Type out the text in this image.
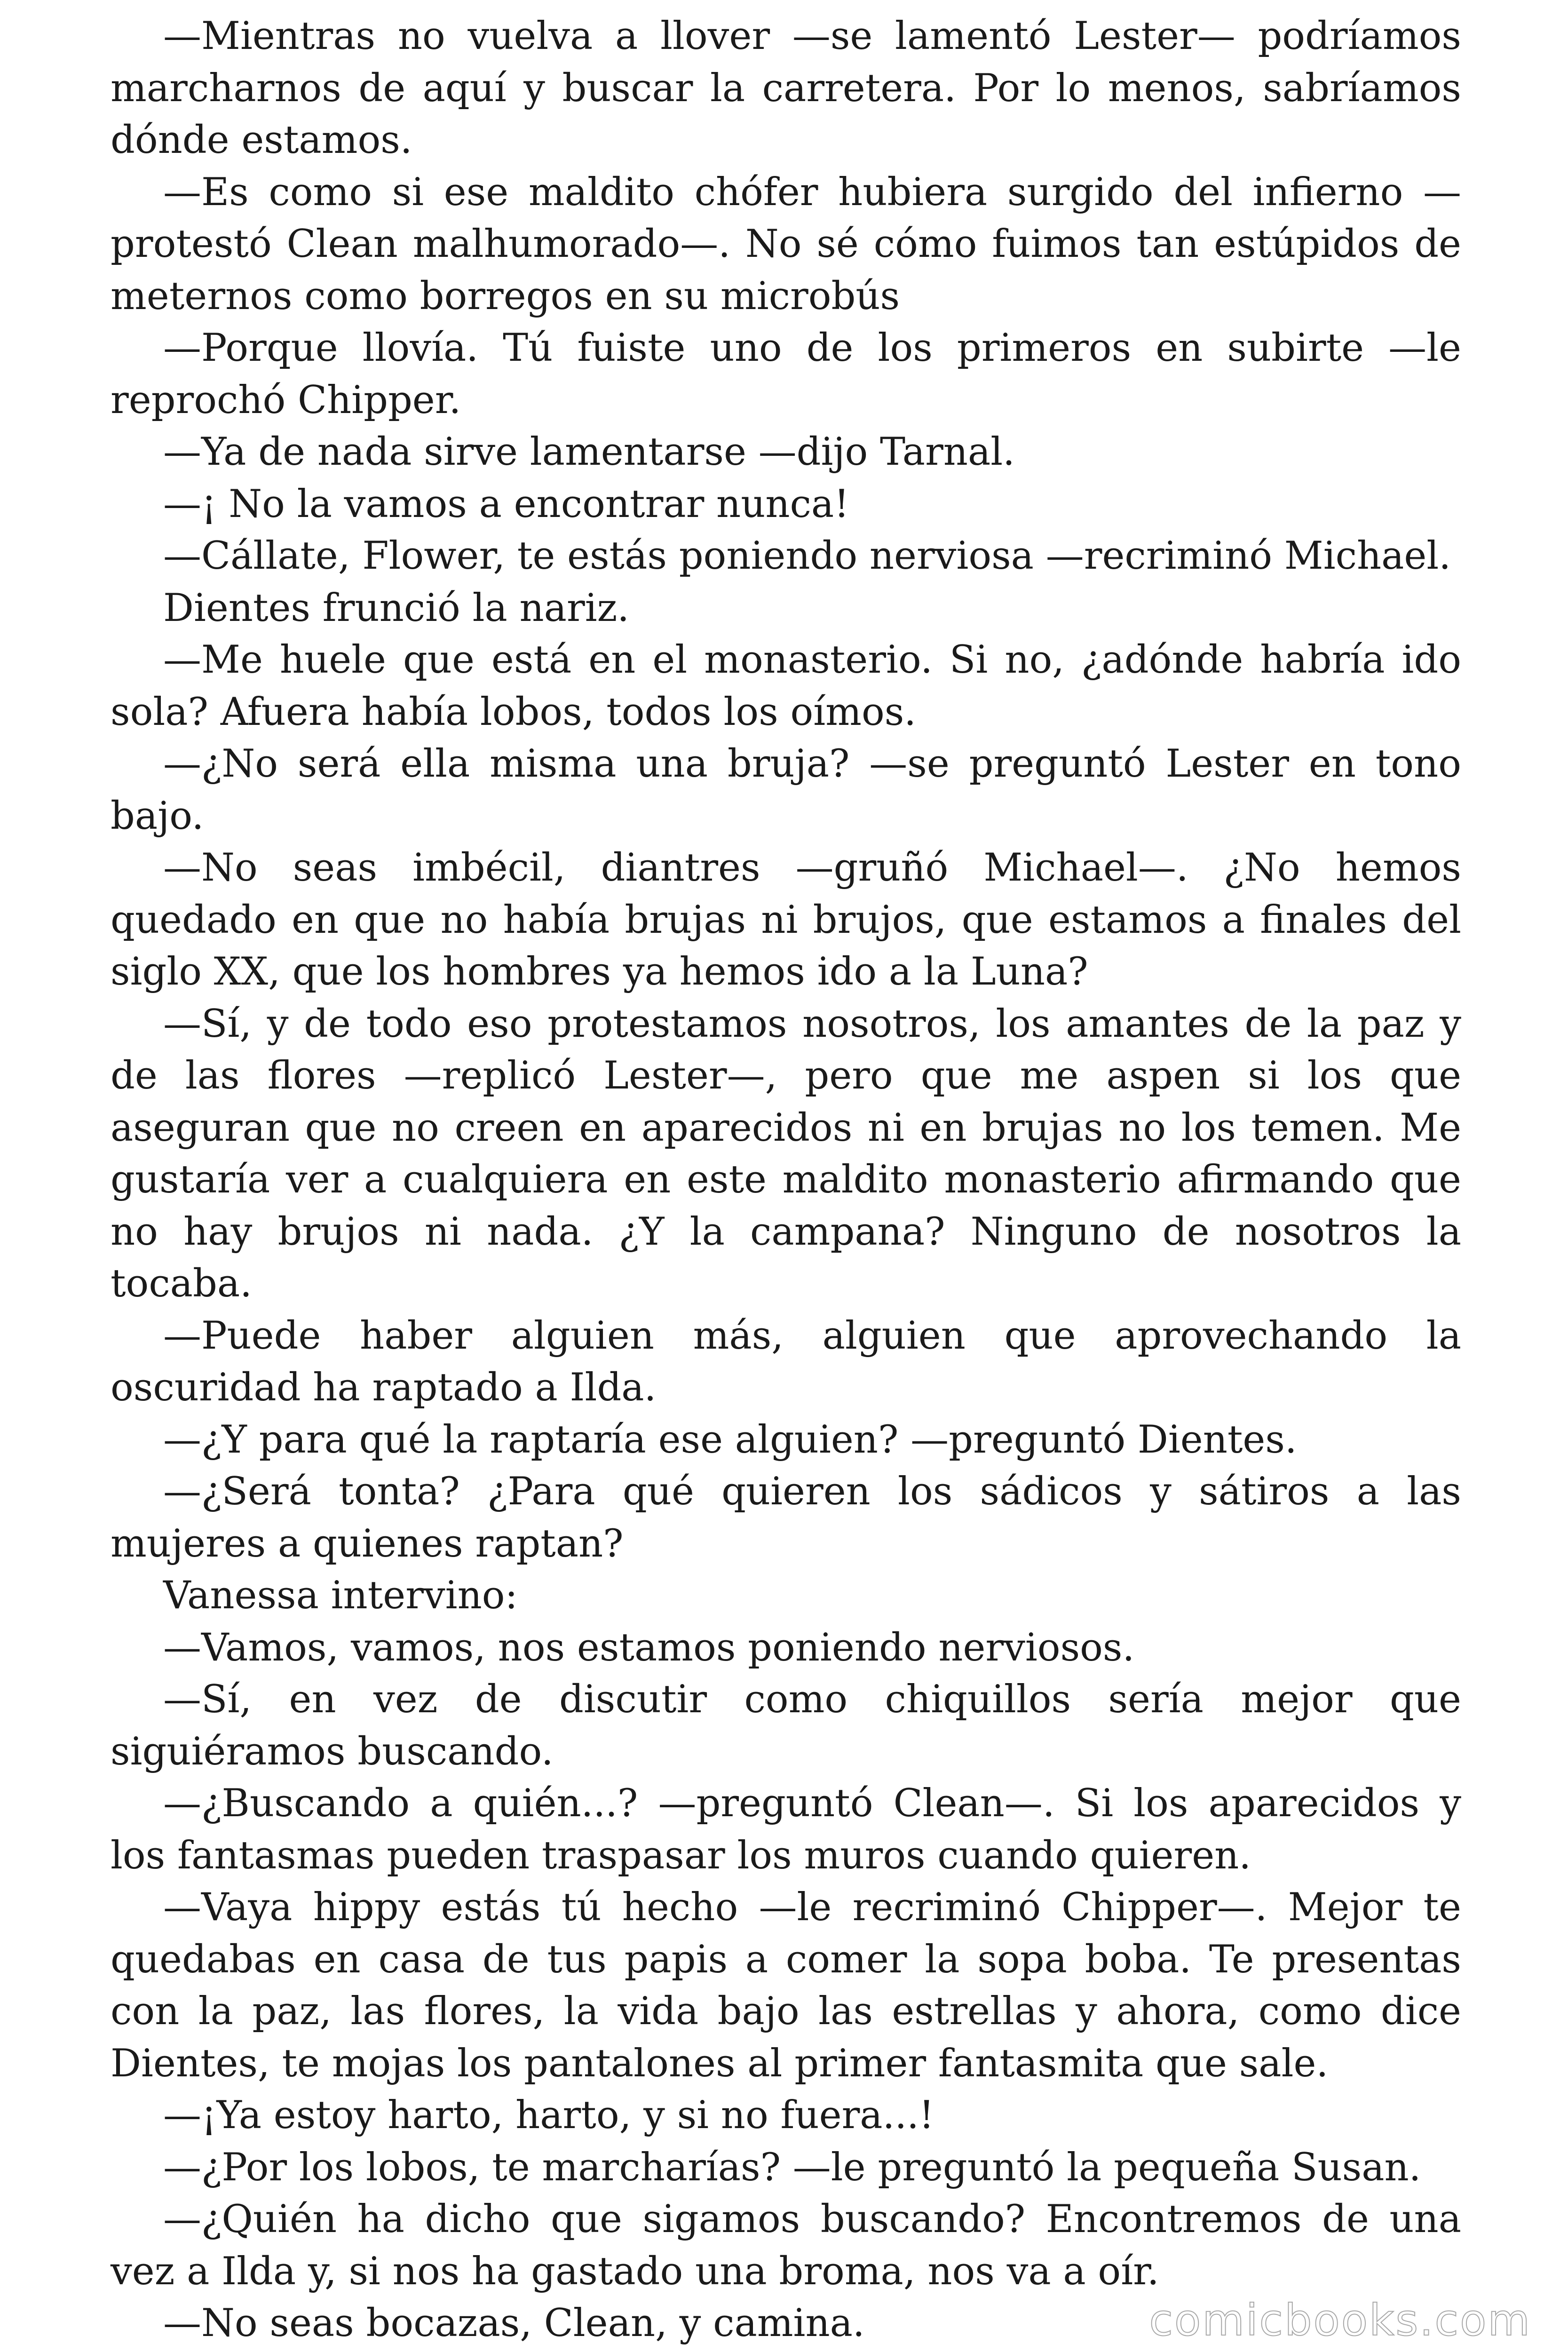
—Mientras no vuelva a llover —se lamentó Lester— podríamos marcharnos de aquí y buscar la carretera. Por lo menos, sabríamos dónde estamos.

—Es como si ese maldito chófer hubiera surgido del infierno — protestó Clean malhumorado—. No sé cómo fuimos tan estúpidos de meternos como borregos en su microbús

—Porque llovía. Tú fuiste uno de los primeros en subirte —le reprochó Chipper.

—Ya de nada sirve lamentarse —dijo Tarnal.

—¡ No la vamos a encontrar nunca!

—Cállate, Flower, te estás poniendo nerviosa —recriminó Michael.

Dientes frunció la nariz.

—Me huele que está en el monasterio. Si no, ¿adónde habría ido sola? Afuera había lobos, todos los oímos.

—¿No será ella misma una bruja? —se preguntó Lester en tono bajo.

—No seas imbécil, diantres —gruñó Michael—. ¿No hemos quedado en que no había brujas ni brujos, que estamos a finales del siglo XX, que los hombres ya hemos ido a la Luna?

—Sí, y de todo eso protestamos nosotros, los amantes de la paz y de las flores —replicó Lester—, pero que me aspen si los que aseguran que no creen en aparecidos ni en brujas no los temen. Me gustaría ver a cualquiera en este maldito monasterio afirmando que no hay brujos ni nada. ¿Y la campana? Ninguno de nosotros la tocaba.

—Puede haber alguien más, alguien que aprovechando la oscuridad ha raptado a Ilda.

—¿Y para qué la raptaría ese alguien? —preguntó Dientes.

—¿Será tonta? ¿Para qué quieren los sádicos y sátiros a las mujeres a quienes raptan?

Vanessa intervino:

—Vamos, vamos, nos estamos poniendo nerviosos.

—Sí, en vez de discutir como chiquillos sería mejor que siguiéramos buscando.

—¿Buscando a quién...? —preguntó Clean—. Si los aparecidos y los fantasmas pueden traspasar los muros cuando quieren.

—Vaya hippy estás tú hecho —le recriminó Chipper—. Mejor te quedabas en casa de tus papis a comer la sopa boba. Te presentas con la paz, las flores, la vida bajo las estrellas y ahora, como dice Dientes, te mojas los pantalones al primer fantasmita que sale.

—¡Ya estoy harto, harto, y si no fuera...!

—¿Por los lobos, te marcharías? —le preguntó la pequeña Susan.

—¿Quién ha dicho que sigamos buscando? Encontremos de una vez a Ilda y, si nos ha gastado una broma, nos va a oír.

—No seas bocazas, Clean, y camina.	comicbooks.com
